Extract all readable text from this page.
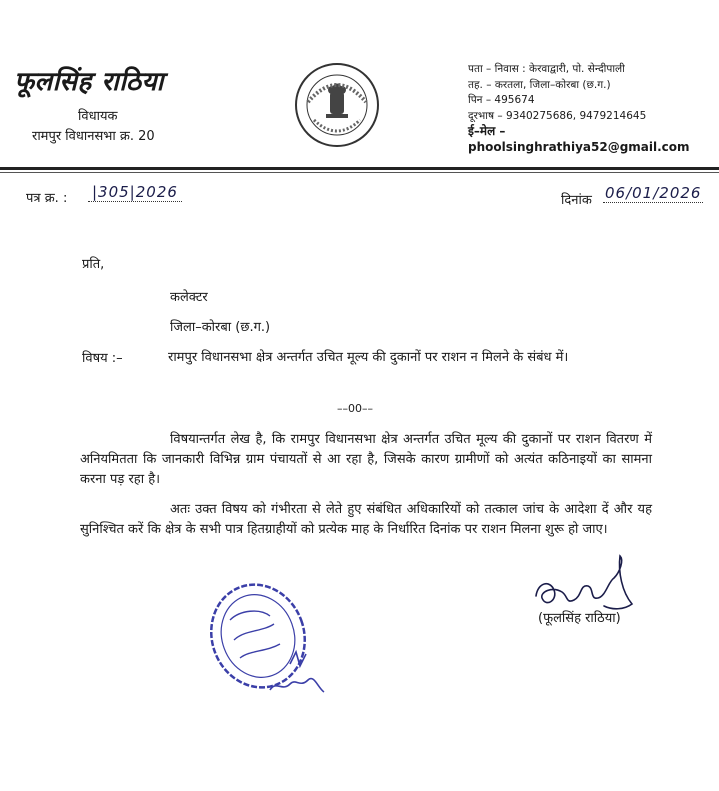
फूलसिंह राठिया
विधायक
रामपुर विधानसभा क्र. 20
पता – निवास : केरवाद्वारी, पो. सेन्दीपाली
तह. – करतला, जिला–कोरबा (छ.ग.)
पिन – 495674
दूरभाष – 9340275686, 9479214645
ई–मेल – phoolsinghrathiya52@gmail.com
पत्र क्र. : |305|2026	दिनांक 06/01/2026
प्रति,
कलेक्टर
जिला–कोरबा (छ.ग.)
विषय :–	रामपुर विधानसभा क्षेत्र अन्तर्गत उचित मूल्य की दुकानों पर राशन न मिलने के संबंध में।
––00––
विषयान्तर्गत लेख है, कि रामपुर विधानसभा क्षेत्र अन्तर्गत उचित मूल्य की दुकानों पर राशन वितरण में अनियमितता कि जानकारी विभिन्न ग्राम पंचायतों से आ रहा है, जिसके कारण ग्रामीणों को अत्यंत कठिनाइयों का सामना करना पड़ रहा है।
अतः उक्त विषय को गंभीरता से लेते हुए संबंधित अधिकारियों को तत्काल जांच के आदेशा दें और यह सुनिश्चित करें कि क्षेत्र के सभी पात्र हितग्राहीयों को प्रत्येक माह के निर्धारित दिनांक पर राशन मिलना शुरू हो जाए।
(फूलसिंह राठिया)
